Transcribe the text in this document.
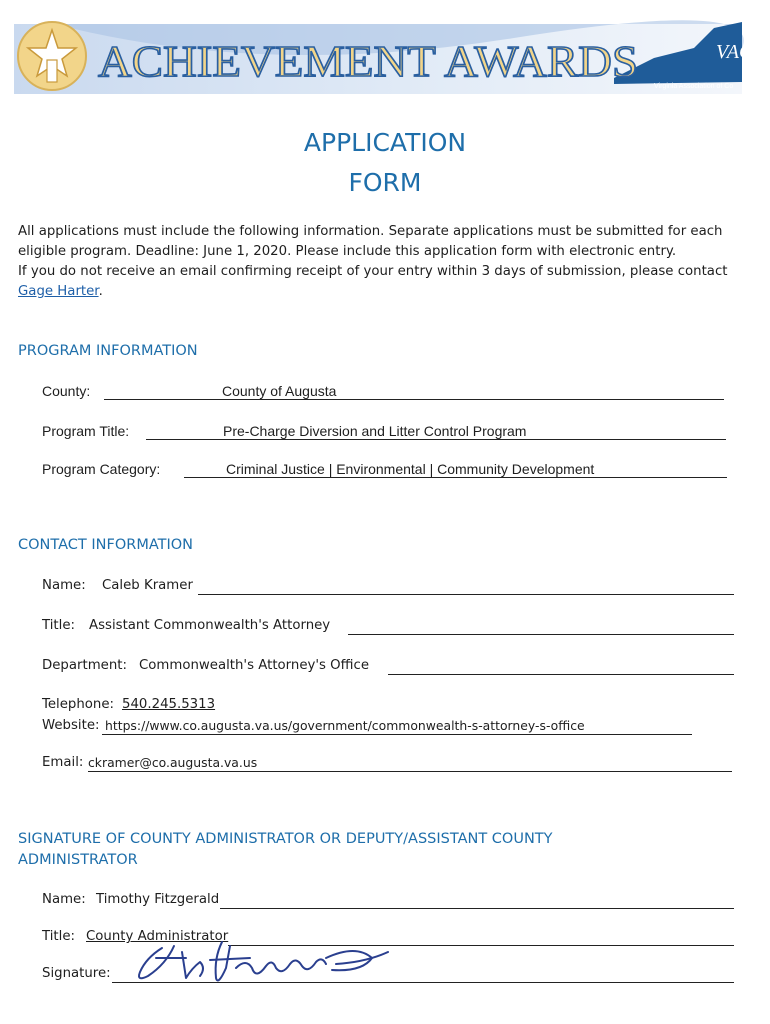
VACo
Virginia Association of Co
ACHIEVEMENT AWARDS
APPLICATION
FORM

All applications must include the following information. Separate applications must be submitted for each

eligible program. Deadline: June 1, 2020. Please include this application form with electronic entry.

If you do not receive an email confirming receipt of your entry within 3 days of submission, please contact

Gage Harter.

PROGRAM INFORMATION
County:	County of Augusta
Program Title:	Pre-Charge Diversion and Litter Control Program
Program Category:	Criminal Justice | Environmental | Community Development
CONTACT INFORMATION
Name: Caleb Kramer
Title: Assistant Commonwealth's Attorney
Department: Commonwealth's Attorney's Office
Telephone: 540.245.5313
Website: https://www.co.augusta.va.us/government/commonwealth-s-attorney-s-office
Email: ckramer@co.augusta.va.us
SIGNATURE OF COUNTY ADMINISTRATOR OR DEPUTY/ASSISTANT COUNTY
ADMINISTRATOR
Name: Timothy Fitzgerald
Title: County Administrator
Signature:
